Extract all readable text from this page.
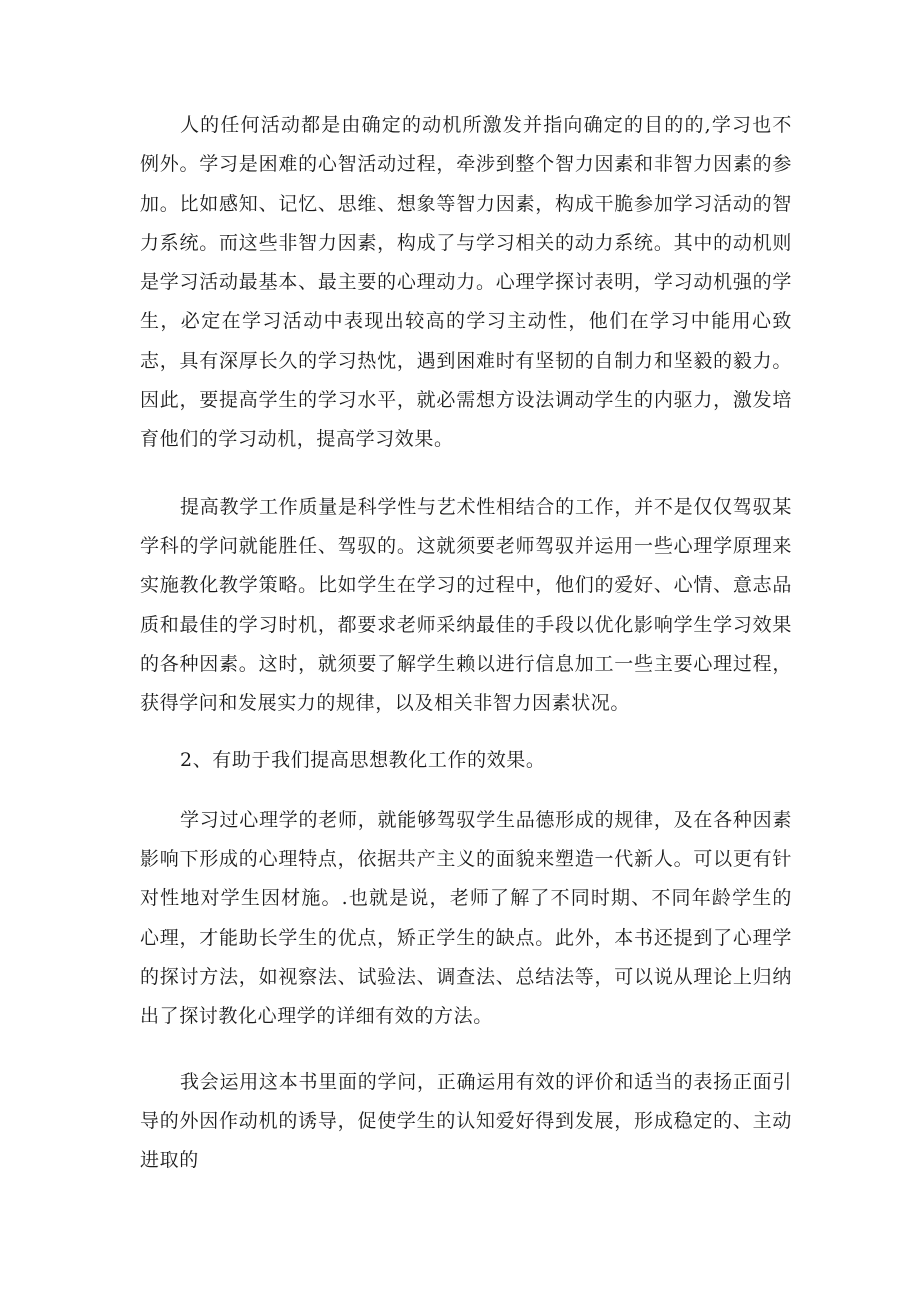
人的任何活动都是由确定的动机所激发并指向确定的目的的,学习也不例外。学习是困难的心智活动过程，牵涉到整个智力因素和非智力因素的参加。比如感知、记忆、思维、想象等智力因素，构成干脆参加学习活动的智力系统。而这些非智力因素，构成了与学习相关的动力系统。其中的动机则是学习活动最基本、最主要的心理动力。心理学探讨表明，学习动机强的学生，必定在学习活动中表现出较高的学习主动性，他们在学习中能用心致志，具有深厚长久的学习热忱，遇到困难时有坚韧的自制力和坚毅的毅力。因此，要提高学生的学习水平，就必需想方设法调动学生的内驱力，激发培育他们的学习动机，提高学习效果。

提高教学工作质量是科学性与艺术性相结合的工作，并不是仅仅驾驭某学科的学问就能胜任、驾驭的。这就须要老师驾驭并运用一些心理学原理来实施教化教学策略。比如学生在学习的过程中，他们的爱好、心情、意志品质和最佳的学习时机，都要求老师采纳最佳的手段以优化影响学生学习效果的各种因素。这时，就须要了解学生赖以进行信息加工一些主要心理过程，获得学问和发展实力的规律，以及相关非智力因素状况。

2、有助于我们提高思想教化工作的效果。

学习过心理学的老师，就能够驾驭学生品德形成的规律，及在各种因素影响下形成的心理特点，依据共产主义的面貌来塑造一代新人。可以更有针对性地对学生因材施。.也就是说，老师了解了不同时期、不同年龄学生的心理，才能助长学生的优点，矫正学生的缺点。此外，本书还提到了心理学的探讨方法，如视察法、试验法、调查法、总结法等，可以说从理论上归纳出了探讨教化心理学的详细有效的方法。

我会运用这本书里面的学问，正确运用有效的评价和适当的表扬正面引导的外因作动机的诱导，促使学生的认知爱好得到发展，形成稳定的、主动进取的
